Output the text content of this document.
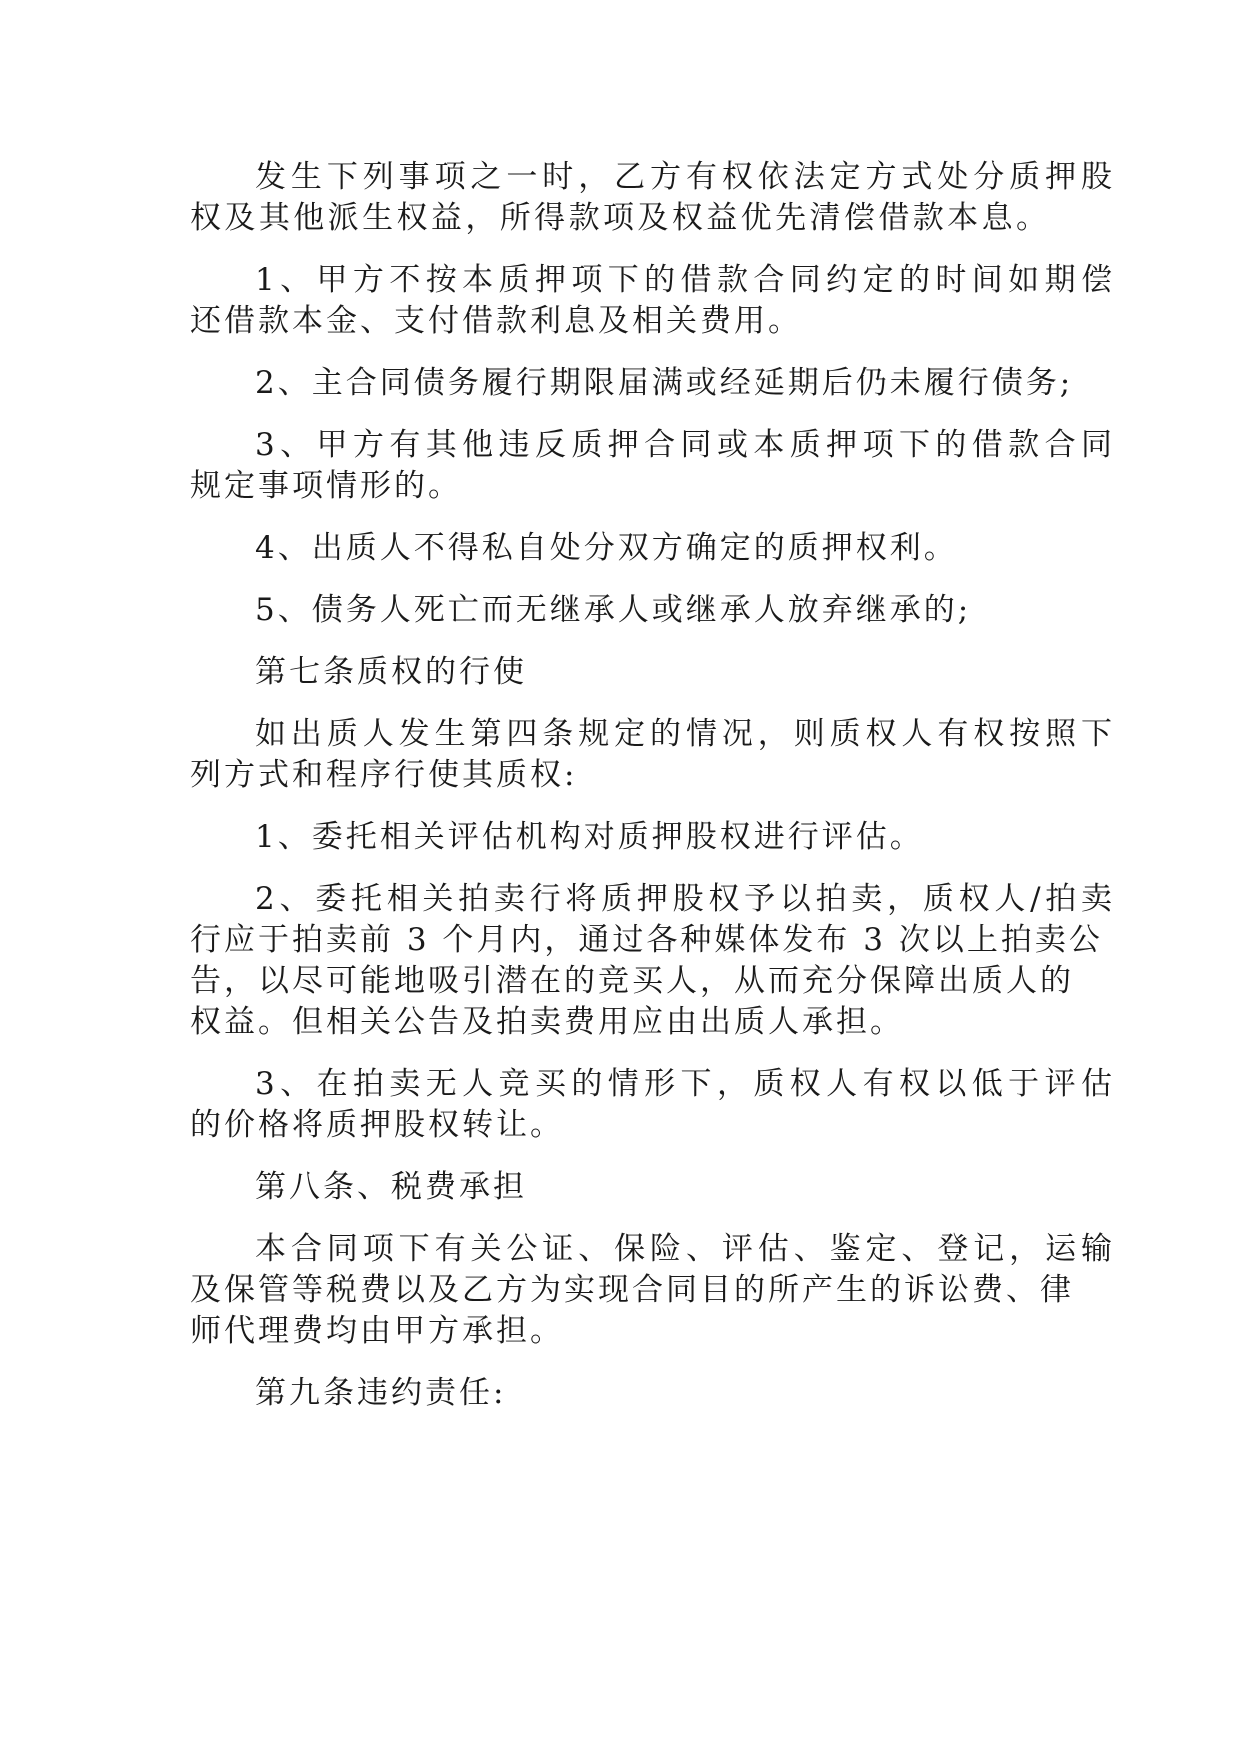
发生下列事项之一时，乙方有权依法定方式处分质押股
权及其他派生权益，所得款项及权益优先清偿借款本息。
1、甲方不按本质押项下的借款合同约定的时间如期偿
还借款本金、支付借款利息及相关费用。
2、主合同债务履行期限届满或经延期后仍未履行债务;
3、甲方有其他违反质押合同或本质押项下的借款合同
规定事项情形的。
4、出质人不得私自处分双方确定的质押权利。
5、债务人死亡而无继承人或继承人放弃继承的;
第七条质权的行使
如出质人发生第四条规定的情况，则质权人有权按照下
列方式和程序行使其质权:
1、委托相关评估机构对质押股权进行评估。
2、委托相关拍卖行将质押股权予以拍卖，质权人/拍卖
行应于拍卖前 3 个月内，通过各种媒体发布 3 次以上拍卖公
告，以尽可能地吸引潜在的竞买人，从而充分保障出质人的
权益。但相关公告及拍卖费用应由出质人承担。
3、在拍卖无人竞买的情形下，质权人有权以低于评估
的价格将质押股权转让。
第八条、税费承担
本合同项下有关公证、保险、评估、鉴定、登记，运输
及保管等税费以及乙方为实现合同目的所产生的诉讼费、律
师代理费均由甲方承担。
第九条违约责任:
